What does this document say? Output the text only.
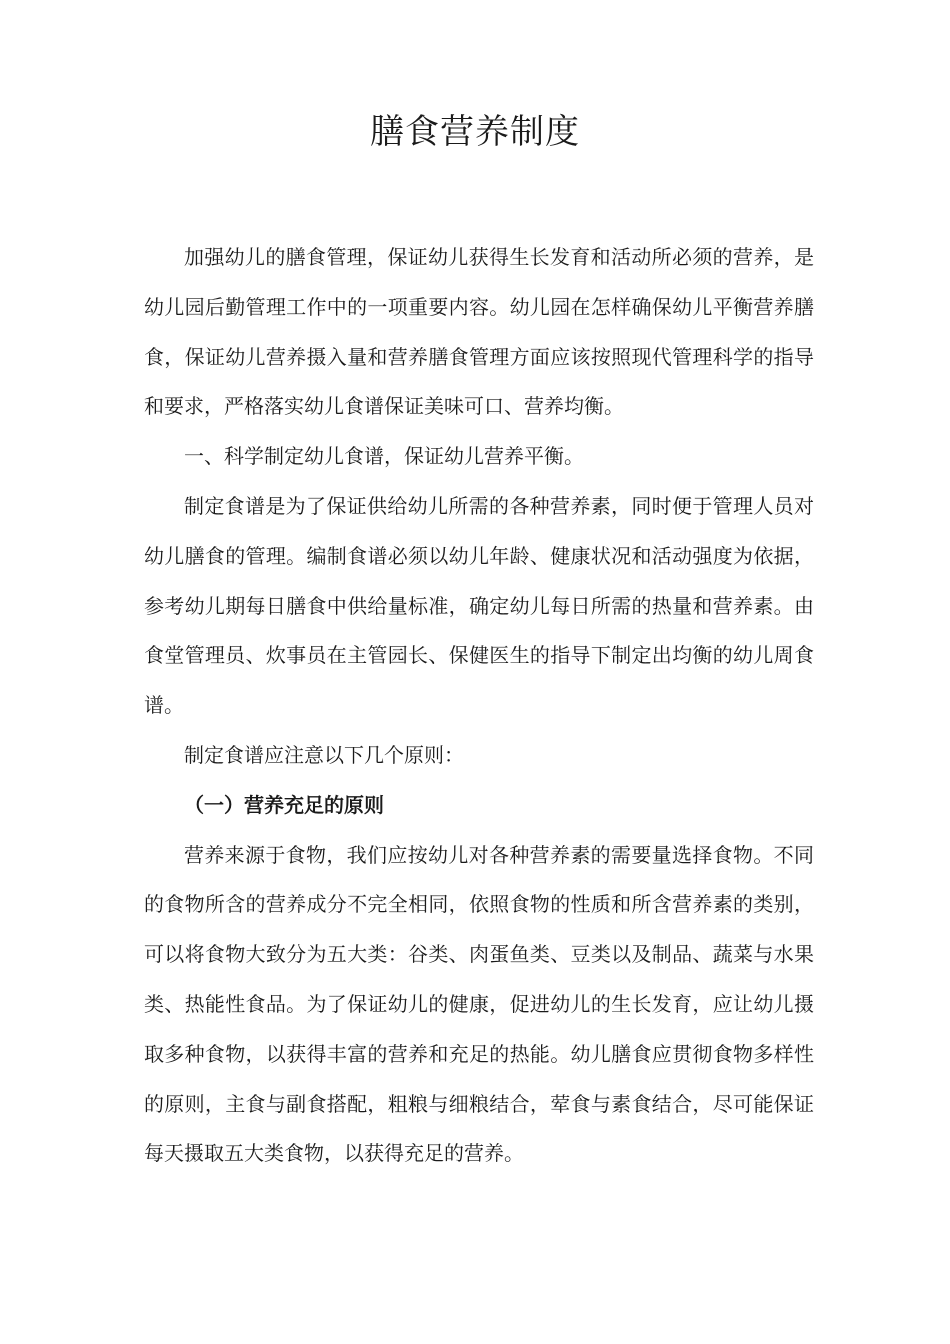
膳食营养制度

加强幼儿的膳食管理，保证幼儿获得生长发育和活动所必须的营养，是幼儿园后勤管理工作中的一项重要内容。幼儿园在怎样确保幼儿平衡营养膳食，保证幼儿营养摄入量和营养膳食管理方面应该按照现代管理科学的指导和要求，严格落实幼儿食谱保证美味可口、营养均衡。

一、科学制定幼儿食谱，保证幼儿营养平衡。

制定食谱是为了保证供给幼儿所需的各种营养素，同时便于管理人员对幼儿膳食的管理。编制食谱必须以幼儿年龄、健康状况和活动强度为依据，参考幼儿期每日膳食中供给量标准，确定幼儿每日所需的热量和营养素。由食堂管理员、炊事员在主管园长、保健医生的指导下制定出均衡的幼儿周食谱。

制定食谱应注意以下几个原则：

（一）营养充足的原则

营养来源于食物，我们应按幼儿对各种营养素的需要量选择食物。不同的食物所含的营养成分不完全相同，依照食物的性质和所含营养素的类别，可以将食物大致分为五大类：谷类、肉蛋鱼类、豆类以及制品、蔬菜与水果类、热能性食品。为了保证幼儿的健康，促进幼儿的生长发育，应让幼儿摄取多种食物，以获得丰富的营养和充足的热能。幼儿膳食应贯彻食物多样性的原则，主食与副食搭配，粗粮与细粮结合，荤食与素食结合，尽可能保证每天摄取五大类食物，以获得充足的营养。
